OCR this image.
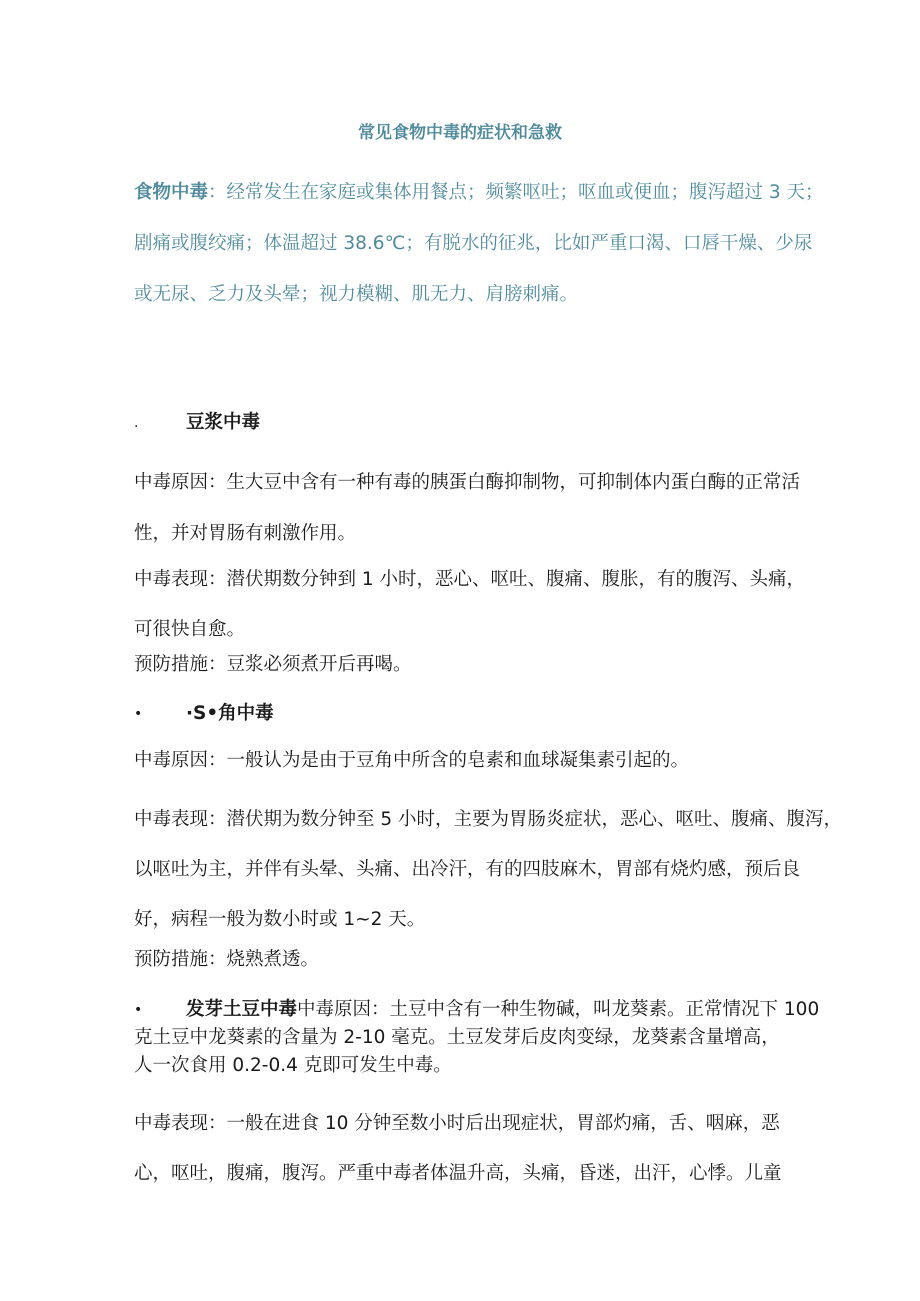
常见食物中毒的症状和急救
食物中毒：经常发生在家庭或集体用餐点；频繁呕吐；呕血或便血；腹泻超过 3 天；
剧痛或腹绞痛；体温超过 38.6℃；有脱水的征兆，比如严重口渴、口唇干燥、少尿
或无尿、乏力及头晕；视力模糊、肌无力、肩膀刺痛。
.	豆浆中毒
中毒原因：生大豆中含有一种有毒的胰蛋白酶抑制物，可抑制体内蛋白酶的正常活
性，并对胃肠有刺激作用。
中毒表现：潜伏期数分钟到 1 小时，恶心、呕吐、腹痛、腹胀，有的腹泻、头痛，
可很快自愈。
预防措施：豆浆必须煮开后再喝。
• ·S•角中毒
中毒原因：一般认为是由于豆角中所含的皂素和血球凝集素引起的。
中毒表现：潜伏期为数分钟至 5 小时，主要为胃肠炎症状，恶心、呕吐、腹痛、腹泻，
以呕吐为主，并伴有头晕、头痛、出冷汗，有的四肢麻木，胃部有烧灼感，预后良
好，病程一般为数小时或 1~2 天。
预防措施：烧熟煮透。
• 发芽土豆中毒中毒原因：土豆中含有一种生物碱，叫龙葵素。正常情况下 100
克土豆中龙葵素的含量为 2-10 毫克。土豆发芽后皮肉变绿，龙葵素含量增高，
人一次食用 0.2-0.4 克即可发生中毒。
中毒表现：一般在进食 10 分钟至数小时后出现症状，胃部灼痛，舌、咽麻，恶
心，呕吐，腹痛，腹泻。严重中毒者体温升高，头痛，昏迷，出汗，心悸。儿童
